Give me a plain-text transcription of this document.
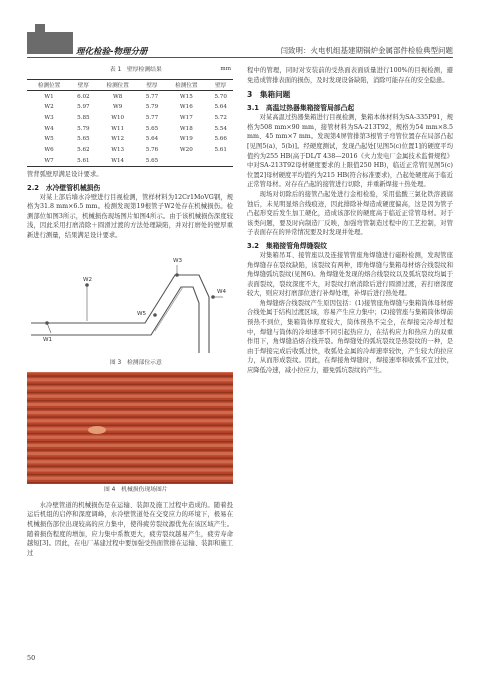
理化检验-物理分册	闫致明：火电机组基建期锅炉金属部件检验典型问题

表 1　壁厚检测结果	mm
检测位置	壁厚	检测位置	壁厚	检测位置	壁厚
W1	6.02	W8	5.77	W15	5.70
W2	5.97	W9	5.79	W16	5.64
W3	5.85	W10	5.77	W17	5.72
W4	5.79	W11	5.65	W18	5.54
W5	5.65	W12	5.64	W19	5.66
W6	5.62	W13	5.76	W20	5.61
W7	5.61	W14	5.65		

管背弧壁厚满足设计要求。

2.2　水冷壁管机械损伤

对某上部后墙水冷壁进行目视检测，管样材料为12Cr1MoVG钢，规格为31.8 mm×6.5 mm。检测发现第19根管子W2处存在机械损伤。检测部位如图3所示，机械损伤现场图片如图4所示。由于该机械损伤深度较浅，因此采用打磨消除＋圆滑过渡的方法处理缺陷，并对打磨处的壁厚重新进行测量，结果满足设计要求。

W1
W2
W3
W4
W5

图 3　检测部位示意

图 4　机械损伤现场图片

水冷壁管道的机械损伤是在运输、装卸及施工过程中造成的。随着投运后机组的启停和深度调峰，水冷壁管道处在交变应力的环境下，极易在机械损伤部位出现较高的应力集中，使得疲劳裂纹源优先在该区域产生。随着损伤程度的增加，应力集中系数更大，疲劳裂纹越易产生，疲劳寿命越短[3]。因此，在电厂基建过程中要加强受热面管排在运输、装卸和施工过

程中的管理，同时对安装前的受热面表面质量进行100%的目视检测，避免造成管排表面的损伤，及时发现设备缺陷，消除可能存在的安全隐患。

3　集箱问题
3.1　高温过热器集箱接管局部凸起

对某高温过热器集箱进行目视检测，集箱本体材料为SA-335P91，规格为508 mm×90 mm，接管材料为SA-213T92，规格为54 mm×8.5 mm、45 mm×7 mm。发现第4屏管排第3根管子弯管位置存在局部凸起[见图5(a)，5(b)]。经硬度测试，发现凸起处[见图5(c)位置1]的硬度平均值约为255 HB(高于DL/T 438—2016《火力发电厂金属技术监督规程》中对SA-213T92母材硬度要求的上限值250 HB)，临近正常管[见图5(c)位置2]母材硬度平均值约为215 HB(符合标准要求)，凸起处硬度高于临近正常管母材。对存在凸起的接管进行切除，并重新焊接＋热处理。

现场对切除后的接管凸起处进行金相检验，采用盐酸三氯化铁溶液腐蚀后，未见明显熔合线痕迹，因此排除补焊造成硬度偏高，这是因为管子凸起形变后发生加工硬化，造成该部位的硬度高于临近正常管母材。对于该类问题，要及时向制造厂反映，加强弯管制造过程中的工艺控制，对管子表面存在的异常情况要及时发现并处理。

3.2　集箱接管角焊缝裂纹

对集箱吊耳、接管座以及连接管管座角焊缝进行磁粉检测，发现管座角焊缝存在裂纹缺陷，该裂纹有两种，即角焊缝与集箱母材熔合线裂纹和角焊缝弧坑裂纹(见图6)。角焊缝处发现的熔合线裂纹以及弧坑裂纹均属于表面裂纹，裂纹深度不大，对裂纹打磨消除后进行圆滑过渡，若打磨深度较大，则应对打磨部位进行补焊处理，补焊后进行热处理。

角焊缝熔合线裂纹产生原因包括：(1)接管座角焊缝与集箱筒体母材熔合线处属于结构过渡区域，容易产生应力集中；(2)接管座与集箱筒体焊前预热不到位，集箱筒体厚度较大，筒体预热不完全，在焊接完冷却过程中，焊缝与筒体的冷却速率不同引起热应力，在结构应力和热应力的双重作用下，角焊缝沿熔合线开裂。角焊缝处的弧坑裂纹是热裂纹的一种，是由于焊接完成后收弧过快，收弧处金属的冷却速率较快，产生较大的拉应力，从而形成裂纹。因此，在焊接角焊缝时，焊接速率和收弧不宜过快，应降低冷速，减小拉应力，避免弧坑裂纹的产生。

50
